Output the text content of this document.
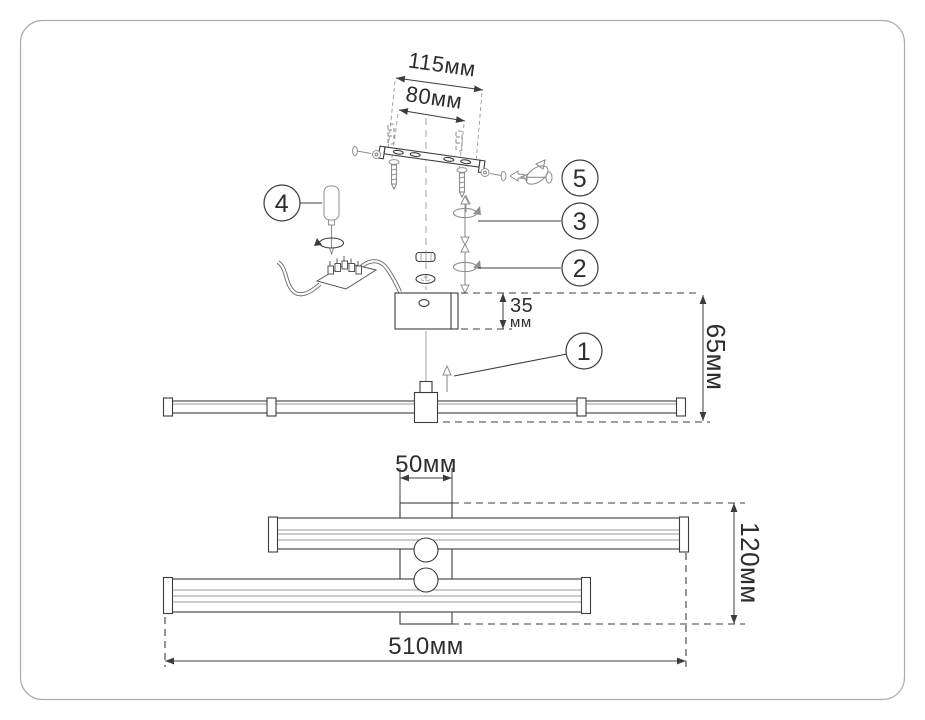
115мм
80мм
5
4
3
2
35
мм
65мм
1
50мм
120мм
510мм
